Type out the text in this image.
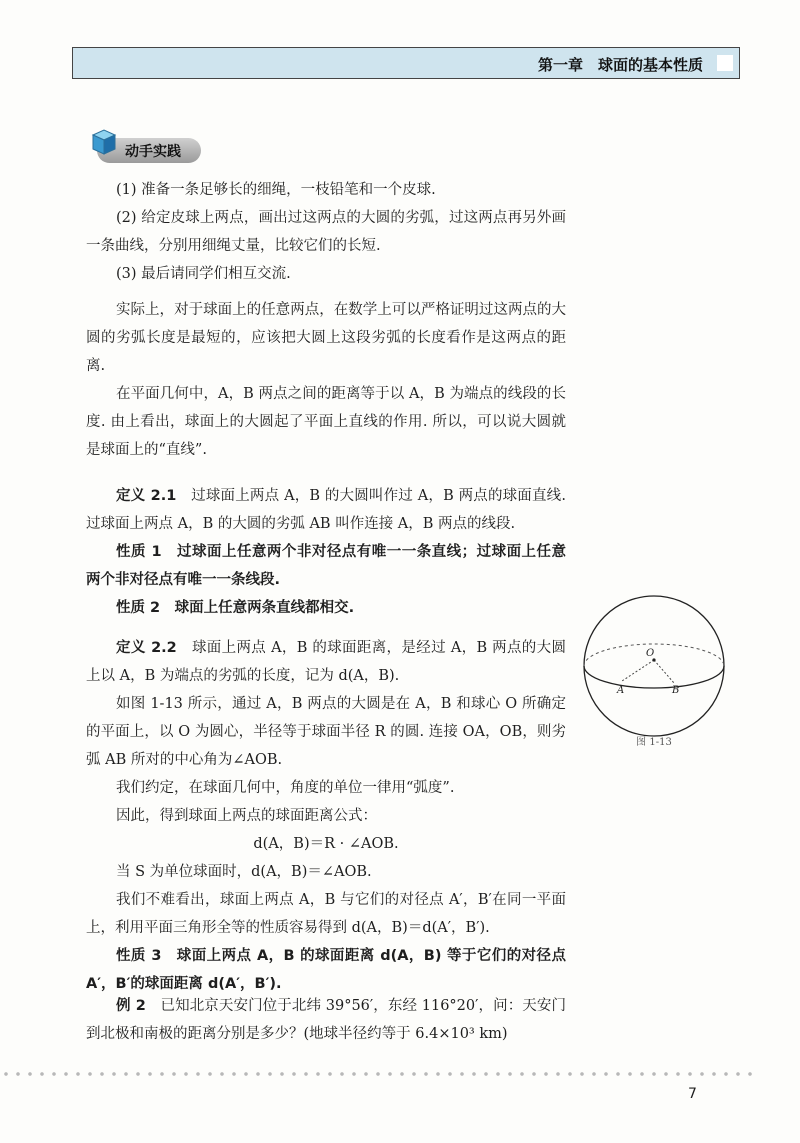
第一章　球面的基本性质
动手实践

(1) 准备一条足够长的细绳，一枝铅笔和一个皮球.

(2) 给定皮球上两点，画出过这两点的大圆的劣弧，过这两点再另外画一条曲线，分别用细绳丈量，比较它们的长短.

(3) 最后请同学们相互交流.

实际上，对于球面上的任意两点，在数学上可以严格证明过这两点的大圆的劣弧长度是最短的，应该把大圆上这段劣弧的长度看作是这两点的距离.

在平面几何中，A，B 两点之间的距离等于以 A，B 为端点的线段的长度. 由上看出，球面上的大圆起了平面上直线的作用. 所以，可以说大圆就是球面上的“直线”.

定义 2.1　过球面上两点 A，B 的大圆叫作过 A，B 两点的球面直线. 过球面上两点 A，B 的大圆的劣弧 AB 叫作连接 A，B 两点的线段.

性质 1　过球面上任意两个非对径点有唯一一条直线；过球面上任意两个非对径点有唯一一条线段.

性质 2　球面上任意两条直线都相交.

定义 2.2　球面上两点 A，B 的球面距离，是经过 A，B 两点的大圆上以 A，B 为端点的劣弧的长度，记为 d(A，B).

如图 1-13 所示，通过 A，B 两点的大圆是在 A，B 和球心 O 所确定的平面上，以 O 为圆心，半径等于球面半径 R 的圆. 连接 OA，OB，则劣弧 AB 所对的中心角为∠AOB.

我们约定，在球面几何中，角度的单位一律用“弧度”.

因此，得到球面上两点的球面距离公式：

d(A，B)＝R · ∠AOB.

当 S 为单位球面时，d(A，B)＝∠AOB.

我们不难看出，球面上两点 A，B 与它们的对径点 A′，B′在同一平面上，利用平面三角形全等的性质容易得到 d(A，B)＝d(A′，B′).

性质 3　球面上两点 A，B 的球面距离 d(A，B) 等于它们的对径点 A′，B′的球面距离 d(A′，B′).

例 2　已知北京天安门位于北纬 39°56′，东经 116°20′，问：天安门到北极和南极的距离分别是多少？(地球半径约等于 6.4×10³ km)

O
A	B
图 1-13
7
